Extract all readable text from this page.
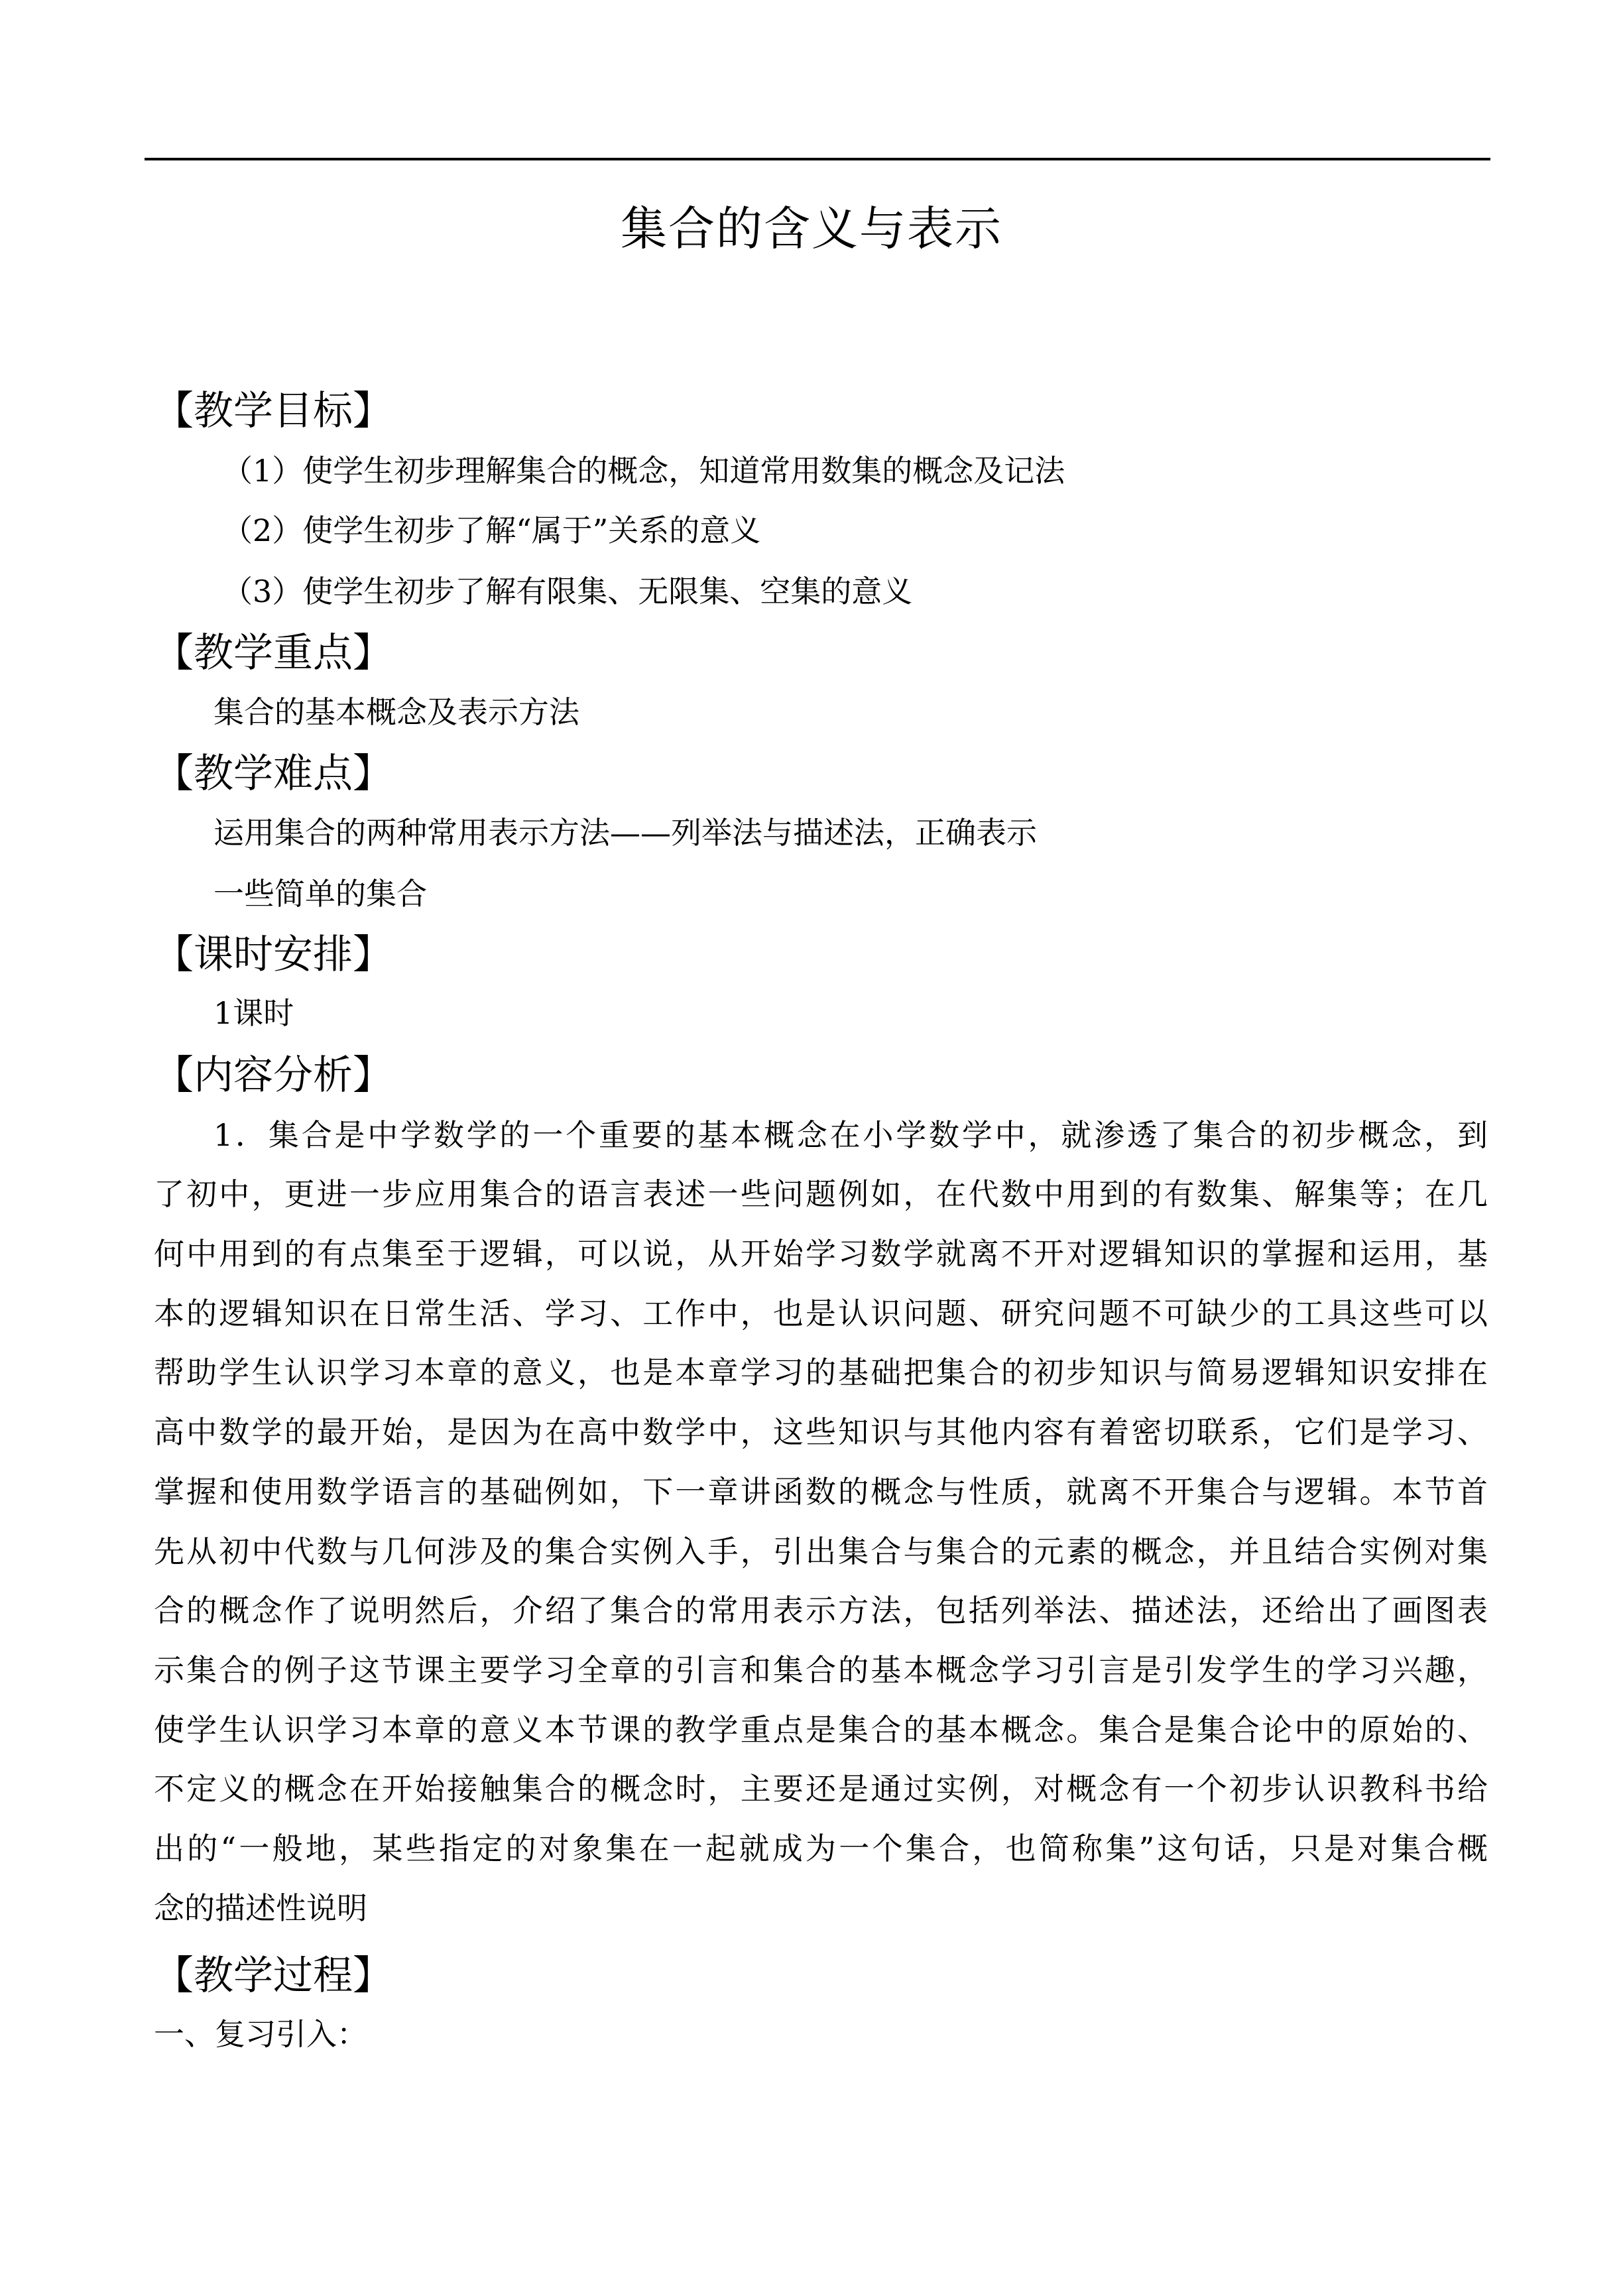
集合的含义与表示
【教学目标】
（1）使学生初步理解集合的概念，知道常用数集的概念及记法
（2）使学生初步了解“属于”关系的意义
（3）使学生初步了解有限集、无限集、空集的意义
【教学重点】
集合的基本概念及表示方法
【教学难点】
运用集合的两种常用表示方法——列举法与描述法，正确表示
一些简单的集合
【课时安排】
1课时
【内容分析】
1．集合是中学数学的一个重要的基本概念在小学数学中，就渗透了集合的初步概念，到
了初中，更进一步应用集合的语言表述一些问题例如，在代数中用到的有数集、解集等；在几
何中用到的有点集至于逻辑，可以说，从开始学习数学就离不开对逻辑知识的掌握和运用，基
本的逻辑知识在日常生活、学习、工作中，也是认识问题、研究问题不可缺少的工具这些可以
帮助学生认识学习本章的意义，也是本章学习的基础把集合的初步知识与简易逻辑知识安排在
高中数学的最开始，是因为在高中数学中，这些知识与其他内容有着密切联系，它们是学习、
掌握和使用数学语言的基础例如，下一章讲函数的概念与性质，就离不开集合与逻辑。本节首
先从初中代数与几何涉及的集合实例入手，引出集合与集合的元素的概念，并且结合实例对集
合的概念作了说明然后，介绍了集合的常用表示方法，包括列举法、描述法，还给出了画图表
示集合的例子这节课主要学习全章的引言和集合的基本概念学习引言是引发学生的学习兴趣，
使学生认识学习本章的意义本节课的教学重点是集合的基本概念。集合是集合论中的原始的、
不定义的概念在开始接触集合的概念时，主要还是通过实例，对概念有一个初步认识教科书给
出的“一般地，某些指定的对象集在一起就成为一个集合，也简称集”这句话，只是对集合概
念的描述性说明
【教学过程】
一、复习引入：
